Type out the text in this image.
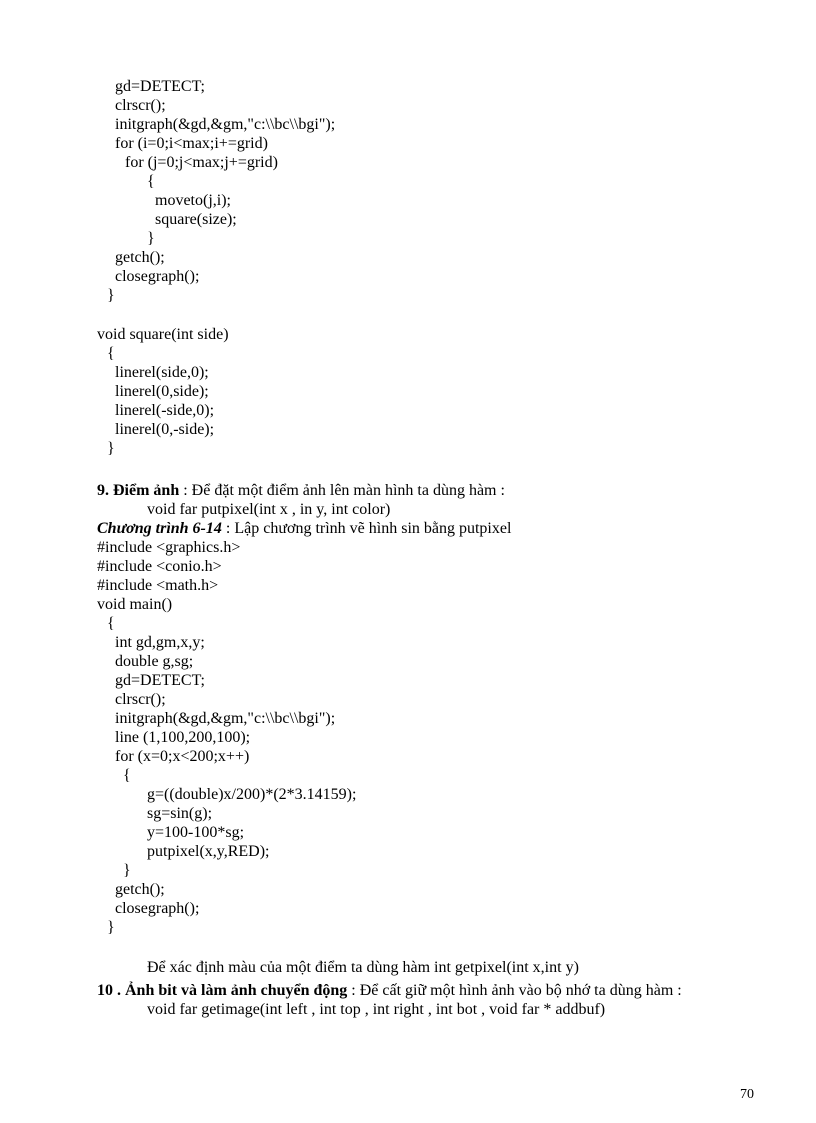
gd=DETECT;
clrscr();
initgraph(&gd,&gm,"c:\\bc\\bgi");
for (i=0;i<max;i+=grid)
for (j=0;j<max;j+=grid)
{
moveto(j,i);
square(size);
}
getch();
closegraph();
}
void square(int side)
{
linerel(side,0);
linerel(0,side);
linerel(-side,0);
linerel(0,-side);
}
9. Điểm ảnh : Để đặt một điểm ảnh lên màn hình ta dùng hàm :
void far putpixel(int x , in y, int color)
Chương trình 6-14 : Lập chương trình vẽ hình sin bằng putpixel
#include <graphics.h>
#include <conio.h>
#include <math.h>
void main()
{
int gd,gm,x,y;
double g,sg;
gd=DETECT;
clrscr();
initgraph(&gd,&gm,"c:\\bc\\bgi");
line (1,100,200,100);
for (x=0;x<200;x++)
{
g=((double)x/200)*(2*3.14159);
sg=sin(g);
y=100-100*sg;
putpixel(x,y,RED);
}
getch();
closegraph();
}
Để xác định màu của một điểm ta dùng hàm int getpixel(int x,int y)
10 . Ảnh bit và làm ảnh chuyển động : Để cất giữ một hình ảnh vào bộ nhớ ta dùng hàm :
void far getimage(int left , int top , int right , int bot , void far * addbuf)
70
